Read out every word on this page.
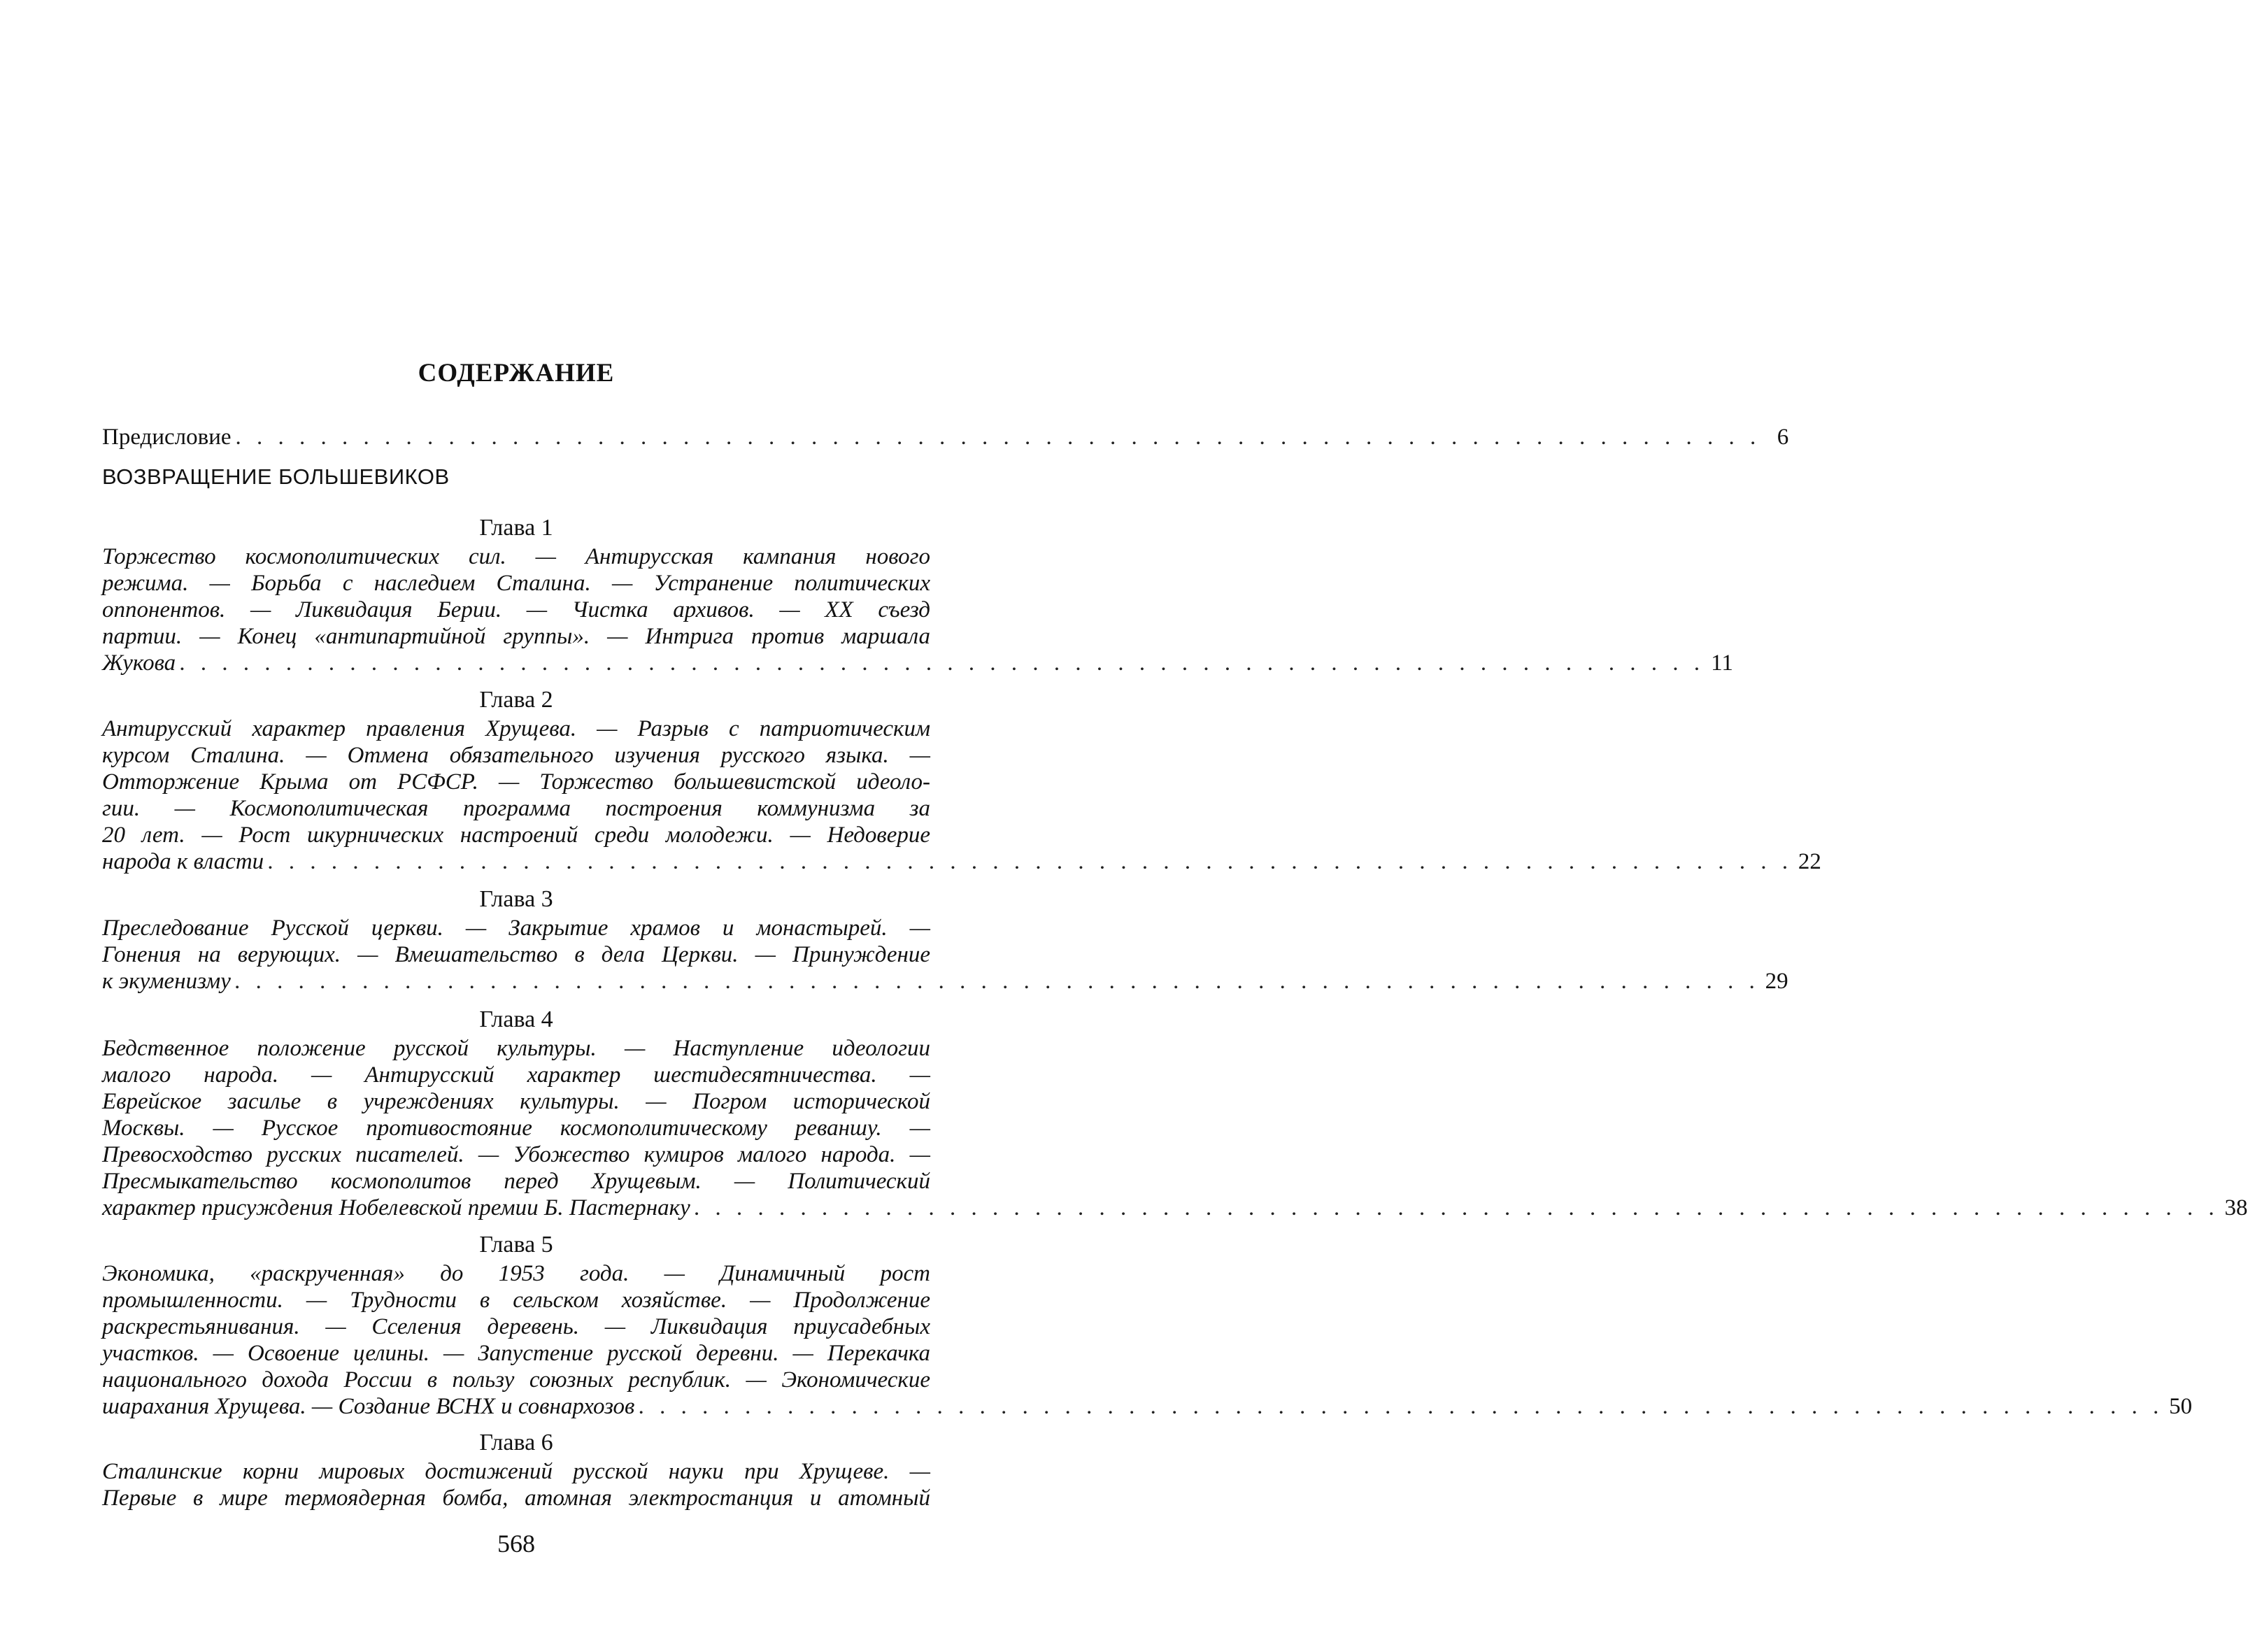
СОДЕРЖАНИЕ
Предисловие . . . . . . . . . . . . . . . . . . . . . . . . . . . . . . . . . . . . . . . . . . . . . . . . . . . . . . . . . . . . . . . . . . . . . . . . 6
ВОЗВРАЩЕНИЕ БОЛЬШЕВИКОВ
Глава 1
Торжество космополитических сил. — Антирусская кампания нового
режима. — Борьба с наследием Сталина. — Устранение политических
оппонентов. — Ликвидация Берии. — Чистка архивов. — XX съезд
партии. — Конец «антипартийной группы». — Интрига против маршала
Жукова . . . . . . . . . . . . . . . . . . . . . . . . . . . . . . . . . . . . . . . . . . . . . . . . . . . . . . . . . . . . . . . . . . . . . . . . 11
Глава 2
Антирусский характер правления Хрущева. — Разрыв с патриотическим
курсом Сталина. — Отмена обязательного изучения русского языка. —
Отторжение Крыма от РСФСР. — Торжество большевистской идеоло-
гии. — Космополитическая программа построения коммунизма за
20 лет. — Рост шкурнических настроений среди молодежи. — Недоверие
народа к власти . . . . . . . . . . . . . . . . . . . . . . . . . . . . . . . . . . . . . . . . . . . . . . . . . . . . . . . . . . . . . . . . . . . . . . . . 22
Глава 3
Преследование Русской церкви. — Закрытие храмов и монастырей. —
Гонения на верующих. — Вмешательство в дела Церкви. — Принуждение
к экуменизму . . . . . . . . . . . . . . . . . . . . . . . . . . . . . . . . . . . . . . . . . . . . . . . . . . . . . . . . . . . . . . . . . . . . . . . . 29
Глава 4
Бедственное положение русской культуры. — Наступление идеологии
малого народа. — Антирусский характер шестидесятничества. —
Еврейское засилье в учреждениях культуры. — Погром исторической
Москвы. — Русское противостояние космополитическому реваншу. —
Превосходство русских писателей. — Убожество кумиров малого народа. —
Пресмыкательство космополитов перед Хрущевым. — Политический
характер присуждения Нобелевской премии Б. Пастернаку . . . . . . . . . . . . . . . . . . . . . . . . . . . . . . . . . . . . . . . . . . . . . . . . . . . . . . . . . . . . . . . . . . . . . . . . 38
Глава 5
Экономика, «раскрученная» до 1953 года. — Динамичный рост
промышленности. — Трудности в сельском хозяйстве. — Продолжение
раскрестьянивания. — Сселения деревень. — Ликвидация приусадебных
участков. — Освоение целины. — Запустение русской деревни. — Перекачка
национального дохода России в пользу союзных республик. — Экономические
шарахания Хрущева. — Создание ВСНХ и совнархозов . . . . . . . . . . . . . . . . . . . . . . . . . . . . . . . . . . . . . . . . . . . . . . . . . . . . . . . . . . . . . . . . . . . . . . . . 50
Глава 6
Сталинские корни мировых достижений русской науки при Хрущеве. —
Первые в мире термоядерная бомба, атомная электростанция и атомный
568
